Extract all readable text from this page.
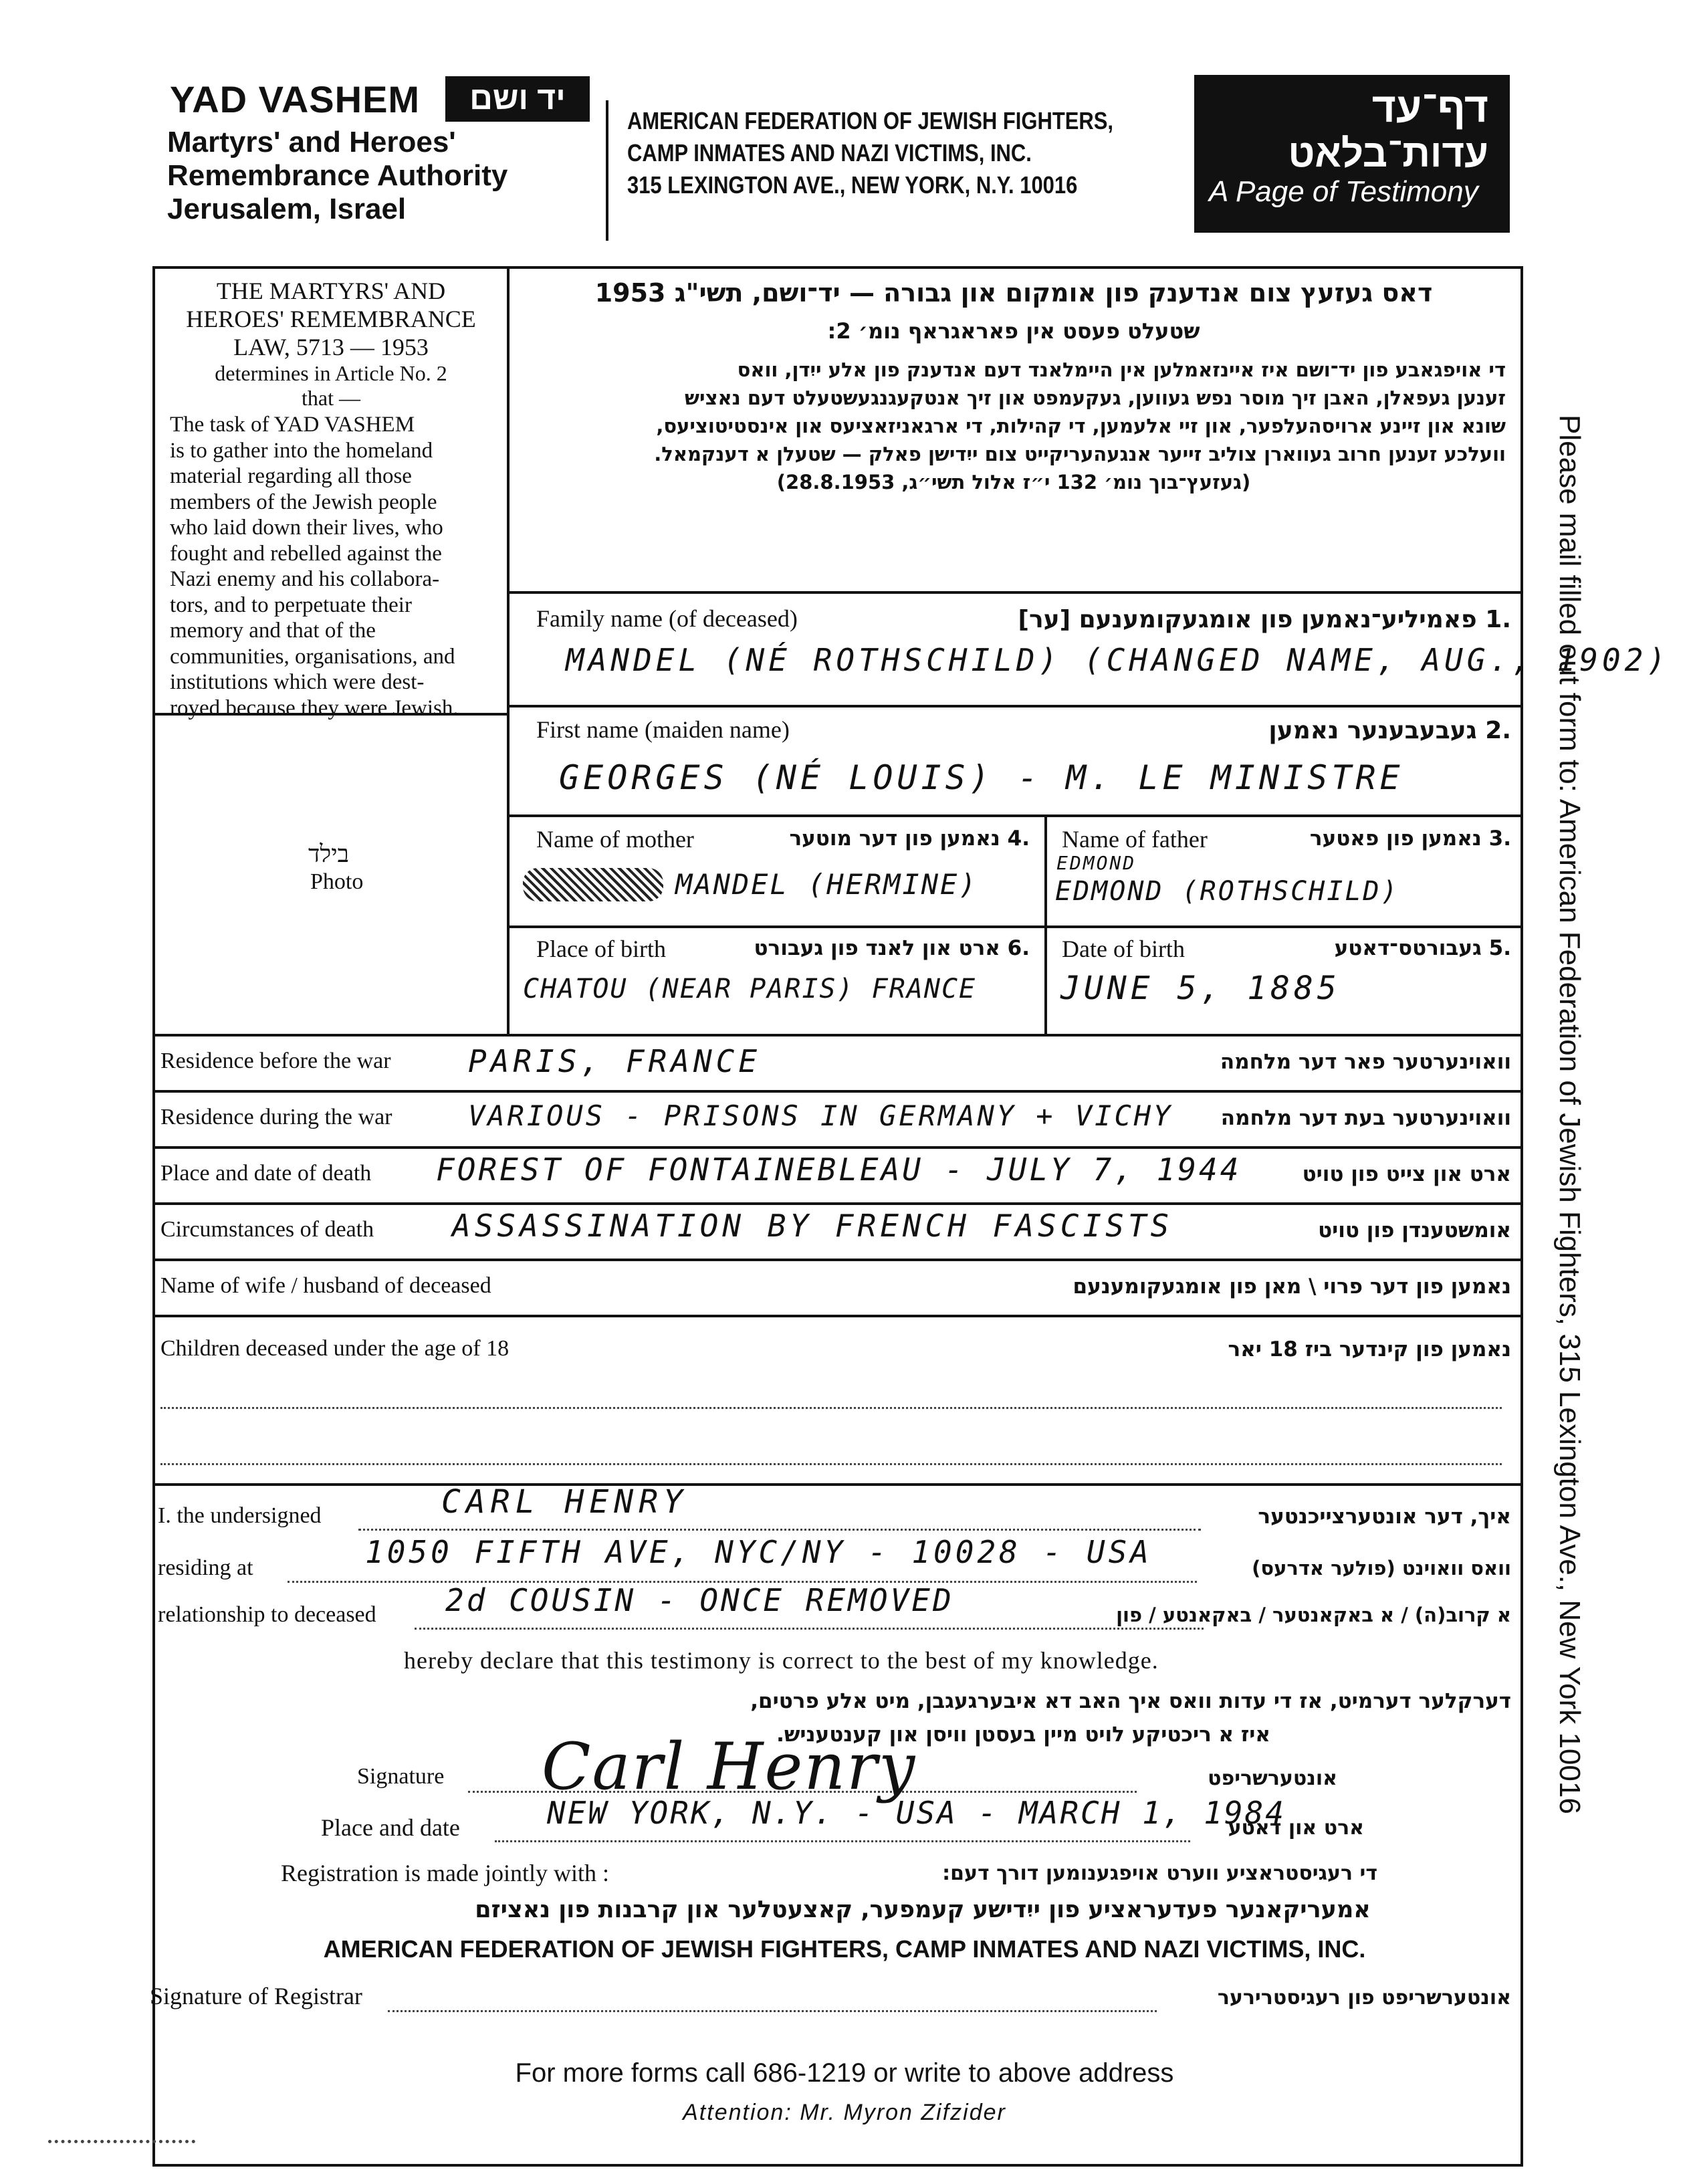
YAD VASHEM	יד ושם
Martyrs' and Heroes'
Remembrance Authority
Jerusalem, Israel
AMERICAN FEDERATION OF JEWISH FIGHTERS,
CAMP INMATES AND NAZI VICTIMS, INC.
315 LEXINGTON AVE., NEW YORK, N.Y. 10016
דף־עד
עדות־בלאט
A Page of Testimony
THE MARTYRS' AND
HEROES' REMEMBRANCE
LAW, 5713 — 1953
determines in Article No. 2
that —
The task of YAD VASHEM
is to gather into the homeland
material regarding all those
members of the Jewish people
who laid down their lives, who
fought and rebelled against the
Nazi enemy and his collabora-
tors, and to perpetuate their
memory and that of the
communities, organisations, and
institutions which were dest-
royed because they were Jewish.
בילד
Photo
דאס געזעץ צום אנדענק פון אומקום און גבורה — יד־ושם, תשי"ג 1953
שטעלט פעסט אין פאראגראף נומ׳ 2:
די אויפגאבע פון יד־ושם איז איינזאמלען אין היימלאנד דעם אנדענק פון אלע ייִדן, וואס
זענען געפאלן, האבן זיך מוסר נפש געווען, געקעמפט און זיך אנטקעגנגעשטעלט דעם נאציש
שונא און זיינע ארויסהעלפער, און זיי אלעמען, די קהילות, די ארגאניזאציעס און אינסטיטוציעס,
וועלכע זענען חרוב געווארן צוליב זייער אנגעהעריקייט צום ייִדישן פאלק — שטעלן א דענקמאל.
(געזעץ־בוך נומ׳ 132 י״ז אלול תשי״ג, 28.8.1953)
Family name (of deceased)	.1 פאמיליע־נאמען פון אומגעקומענעם [ער]
MANDEL (NÉ ROTHSCHILD) (CHANGED NAME, AUG., 1902)
First name (maiden name)	.2 געבעבענער נאמען
GEORGES (NÉ LOUIS) - M. LE MINISTRE
Name of mother	.4 נאמען פון דער מוטער
MANDEL (HERMINE)
Name of father	.3 נאמען פון פאטער
EDMOND
EDMOND (ROTHSCHILD)
Place of birth	.6 ארט און לאנד פון געבורט
CHATOU (NEAR PARIS) FRANCE
Date of birth	.5 געבורטס־דאטע
JUNE 5, 1885
Residence before the war	וואוינערטער פאר דער מלחמה
PARIS, FRANCE
Residence during the war	וואוינערטער בעת דער מלחמה
VARIOUS - PRISONS IN GERMANY + VICHY
Place and date of death	ארט און צייט פון טויט
FOREST OF FONTAINEBLEAU - JULY 7, 1944
Circumstances of death	אומשטענדן פון טויט
ASSASSINATION BY FRENCH FASCISTS
Name of wife / husband of deceased	נאמען פון דער פרוי \ מאן פון אומגעקומענעם
Children deceased under the age of 18	נאמען פון קינדער ביז 18 יאר
I. the undersigned	CARL HENRY	איך, דער אונטערצייכנטער
residing at	1050 FIFTH AVE, NYC/NY - 10028 - USA	וואס וואוינט (פולער אדרעס)
relationship to deceased 2d COUSIN - ONCE REMOVED	א קרוב(ה) / א באקאנטער / באקאנטע / פון
hereby declare that this testimony is correct to the best of my knowledge.
דערקלער דערמיט, אז די עדות וואס איך האב דא איבערגעגבן, מיט אלע פרטים,
איז א ריכטיקע לויט מיין בעסטן וויסן און קענטעניש.
Signature Carl Henry	אונטערשריפט
Place and date	NEW YORK, N.Y. - USA - MARCH 1, 1984
ארט און דאטע
Registration is made jointly with :	די רעגיסטראציע ווערט אויפגענומען דורך דעם:
אמעריקאנער פעדעראציע פון ייִדישע קעמפער, קאצעטלער און קרבנות פון נאציזם
AMERICAN FEDERATION OF JEWISH FIGHTERS, CAMP INMATES AND NAZI VICTIMS, INC.
Signature of Registrar	אונטערשריפט פון רעגיסטרירער
For more forms call 686-1219 or write to above address
Attention: Mr. Myron Zifzider
Please mail filled out form to: American Federation of Jewish Fighters, 315 Lexington Ave., New York 10016
